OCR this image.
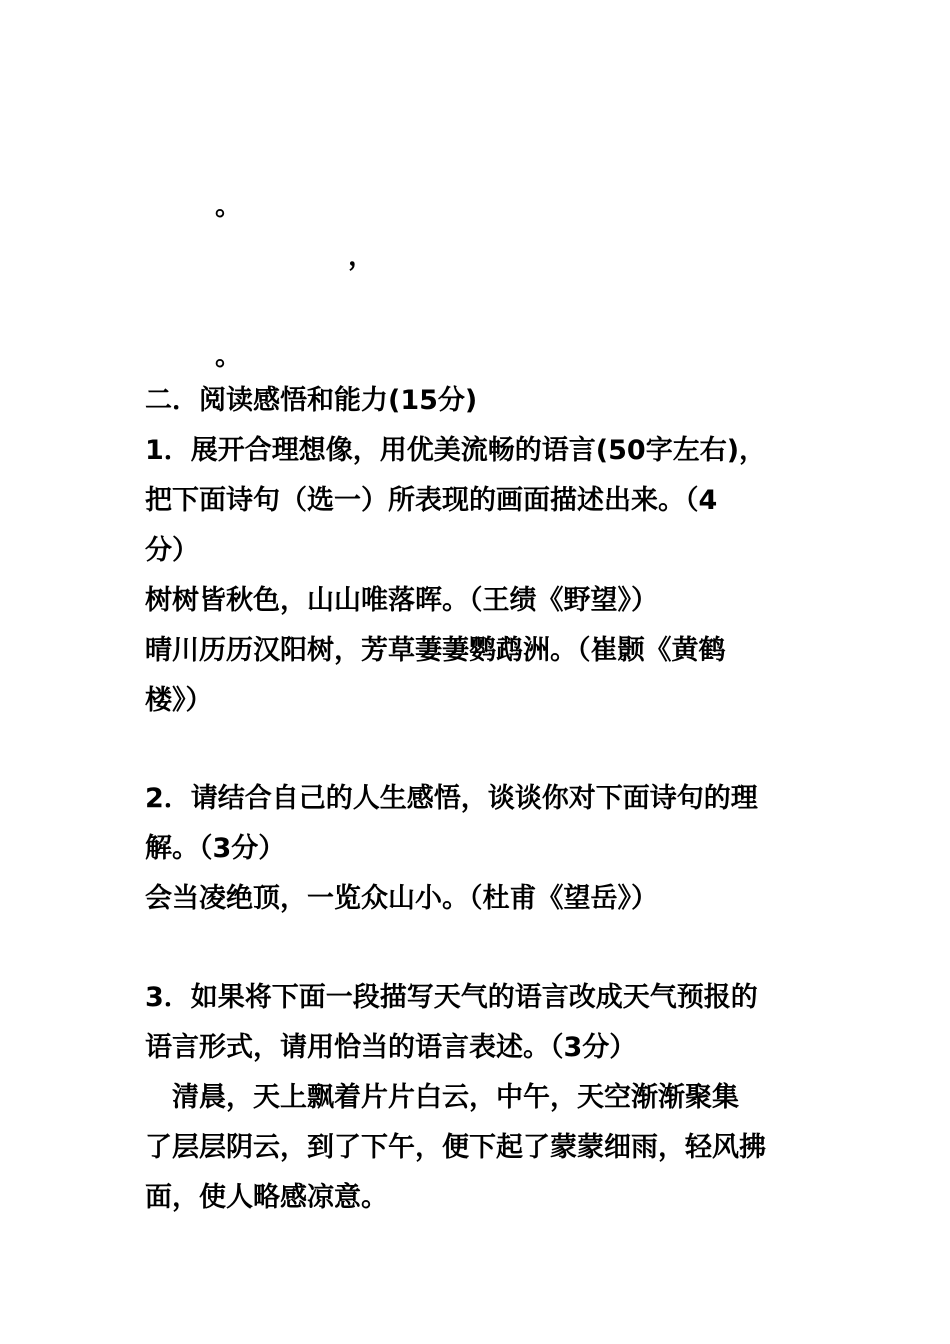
。
，
。
二．阅读感悟和能力(15分)
1．展开合理想像，用优美流畅的语言(50字左右)，
把下面诗句（选一）所表现的画面描述出来。（4
分）
树树皆秋色，山山唯落晖。（王绩《野望》）
晴川历历汉阳树，芳草萋萋鹦鹉洲。（崔颢《黄鹤
楼》）
2．请结合自己的人生感悟，谈谈你对下面诗句的理
解。（3分）
会当凌绝顶，一览众山小。（杜甫《望岳》）
3．如果将下面一段描写天气的语言改成天气预报的
语言形式，请用恰当的语言表述。（3分）
　清晨，天上飘着片片白云，中午，天空渐渐聚集
了层层阴云，到了下午，便下起了蒙蒙细雨，轻风拂
面，使人略感凉意。
